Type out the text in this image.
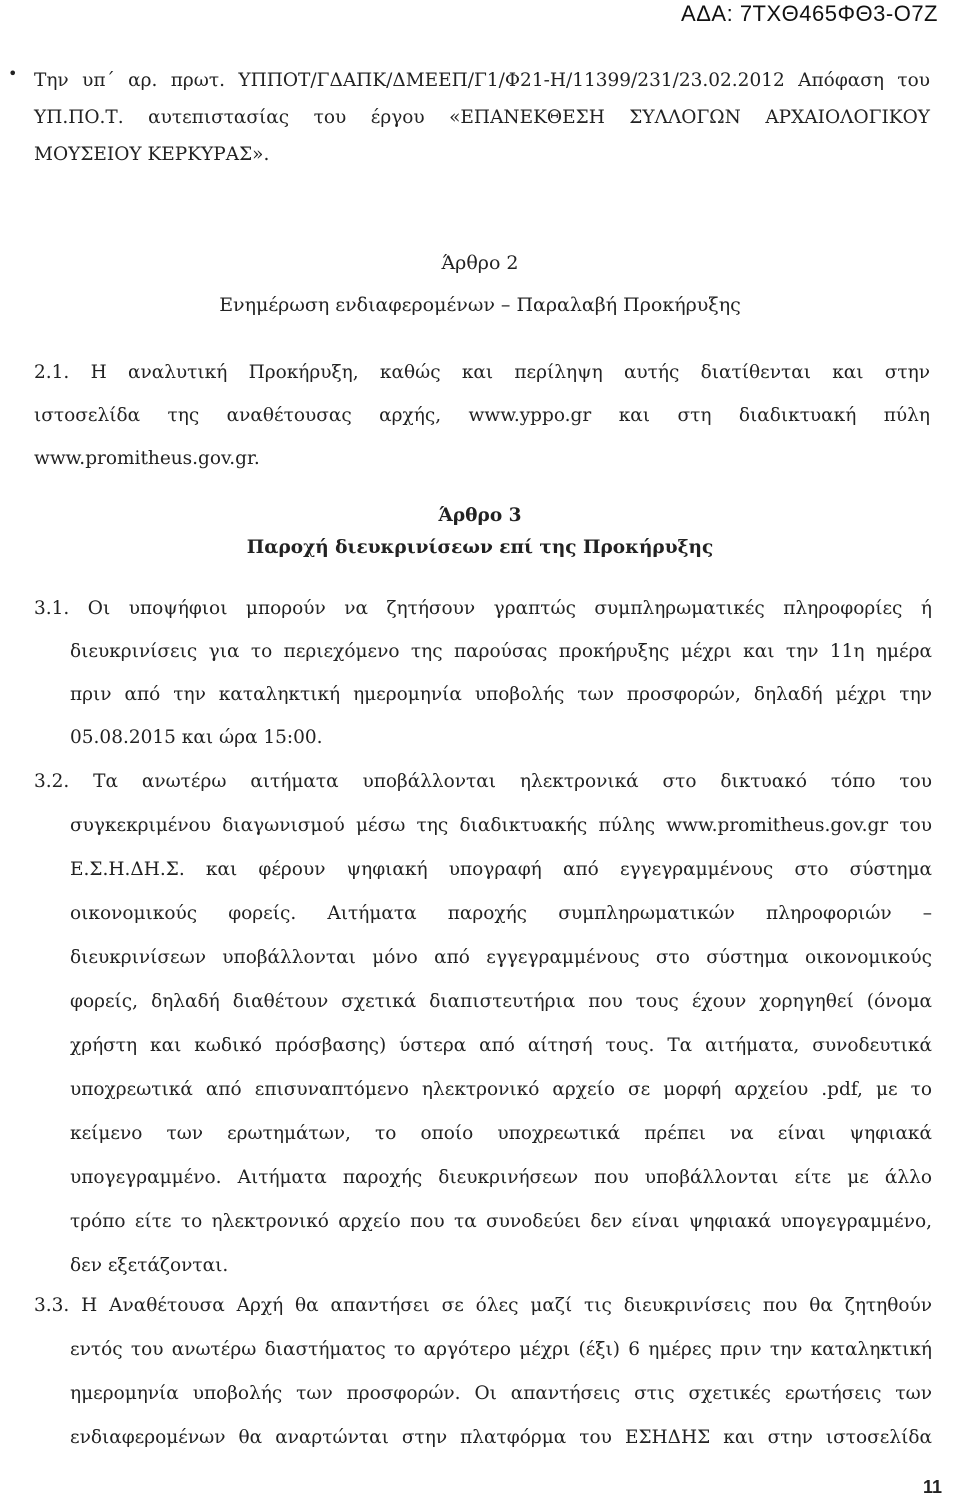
ΑΔΑ: 7ΤΧΘ465ΦΘ3-Ο7Ζ
• Την υπ΄ αρ. πρωτ. ΥΠΠΟΤ/ΓΔΑΠΚ/ΔΜΕΕΠ/Γ1/Φ21-Η/11399/231/23.02.2012 Απόφαση του
ΥΠ.ΠΟ.Τ. αυτεπιστασίας του έργου «ΕΠΑΝΕΚΘΕΣΗ ΣΥΛΛΟΓΩΝ ΑΡΧΑΙΟΛΟΓΙΚΟΥ
ΜΟΥΣΕΙΟΥ ΚΕΡΚΥΡΑΣ».
Άρθρο 2
Ενημέρωση ενδιαφερομένων – Παραλαβή Προκήρυξης
2.1. Η αναλυτική Προκήρυξη, καθώς και περίληψη αυτής διατίθενται και στην
ιστοσελίδα της αναθέτουσας αρχής, www.yppo.gr και στη διαδικτυακή πύλη
www.promitheus.gov.gr.
Άρθρο 3
Παροχή διευκρινίσεων επί της Προκήρυξης
3.1. Οι υποψήφιοι μπορούν να ζητήσουν γραπτώς συμπληρωματικές πληροφορίες ή
διευκρινίσεις για το περιεχόμενο της παρούσας προκήρυξης μέχρι και την 11η ημέρα
πριν από την καταληκτική ημερομηνία υποβολής των προσφορών, δηλαδή μέχρι την
05.08.2015 και ώρα 15:00.
3.2. Τα ανωτέρω αιτήματα υποβάλλονται ηλεκτρονικά στο δικτυακό τόπο του
συγκεκριμένου διαγωνισμού μέσω της διαδικτυακής πύλης www.promitheus.gov.gr του
Ε.Σ.Η.ΔΗ.Σ. και φέρουν ψηφιακή υπογραφή από εγγεγραμμένους στο σύστημα
οικονομικούς φορείς. Αιτήματα παροχής συμπληρωματικών πληροφοριών –
διευκρινίσεων υποβάλλονται μόνο από εγγεγραμμένους στο σύστημα οικονομικούς
φορείς, δηλαδή διαθέτουν σχετικά διαπιστευτήρια που τους έχουν χορηγηθεί (όνομα
χρήστη και κωδικό πρόσβασης) ύστερα από αίτησή τους. Τα αιτήματα, συνοδευτικά
υποχρεωτικά από επισυναπτόμενο ηλεκτρονικό αρχείο σε μορφή αρχείου .pdf, με το
κείμενο των ερωτημάτων, το οποίο υποχρεωτικά πρέπει να είναι ψηφιακά
υπογεγραμμένο. Αιτήματα παροχής διευκρινήσεων που υποβάλλονται είτε με άλλο
τρόπο είτε το ηλεκτρονικό αρχείο που τα συνοδεύει δεν είναι ψηφιακά υπογεγραμμένο,
δεν εξετάζονται.
3.3. Η Αναθέτουσα Αρχή θα απαντήσει σε όλες μαζί τις διευκρινίσεις που θα ζητηθούν
εντός του ανωτέρω διαστήματος το αργότερο μέχρι (έξι) 6 ημέρες πριν την καταληκτική
ημερομηνία υποβολής των προσφορών. Οι απαντήσεις στις σχετικές ερωτήσεις των
ενδιαφερομένων θα αναρτώνται στην πλατφόρμα του ΕΣΗΔΗΣ και στην ιστοσελίδα
11
